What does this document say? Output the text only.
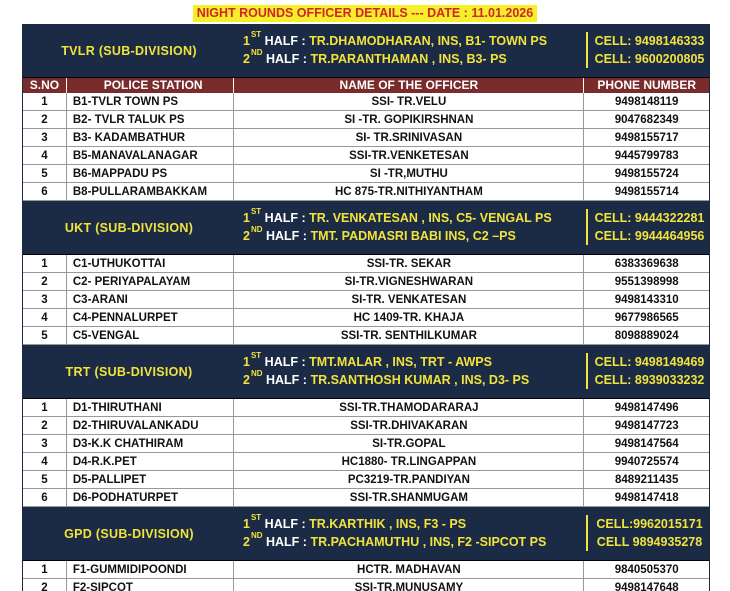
NIGHT ROUNDS OFFICER DETAILS --- DATE : 11.01.2026
TVLR (SUB-DIVISION)
1ST HALF : TR.DHAMODHARAN, INS, B1- TOWN PS
2ND HALF : TR.PARANTHAMAN , INS, B3- PS
CELL: 9498146333
CELL: 9600200805
S.NO	POLICE STATION	NAME OF THE OFFICER	PHONE NUMBER
1	B1-TVLR TOWN PS	SSI- TR.VELU	9498148119
2	B2- TVLR TALUK PS	SI -TR. GOPIKIRSHNAN	9047682349
3	B3- KADAMBATHUR	SI- TR.SRINIVASAN	9498155717
4	B5-MANAVALANAGAR	SSI-TR.VENKETESAN	9445799783
5	B6-MAPPADU PS	SI -TR,MUTHU	9498155724
6	B8-PULLARAMBAKKAM	HC 875-TR.NITHIYANTHAM	9498155714
UKT (SUB-DIVISION)
1ST HALF : TR. VENKATESAN , INS, C5- VENGAL PS
2ND HALF : TMT. PADMASRI BABI INS, C2 –PS
CELL: 9444322281
CELL: 9944464956
1	C1-UTHUKOTTAI	SSI-TR. SEKAR	6383369638
2	C2- PERIYAPALAYAM	SI-TR.VIGNESHWARAN	9551398998
3	C3-ARANI	SI-TR. VENKATESAN	9498143310
4	C4-PENNALURPET	HC 1409-TR. KHAJA	9677986565
5	C5-VENGAL	SSI-TR. SENTHILKUMAR	8098889024
TRT (SUB-DIVISION)
1ST HALF : TMT.MALAR , INS, TRT - AWPS
2ND HALF : TR.SANTHOSH KUMAR , INS, D3- PS
CELL: 9498149469
CELL: 8939033232
1	D1-THIRUTHANI	SSI-TR.THAMODARARAJ	9498147496
2	D2-THIRUVALANKADU	SSI-TR.DHIVAKARAN	9498147723
3	D3-K.K CHATHIRAM	SI-TR.GOPAL	9498147564
4	D4-R.K.PET	HC1880- TR.LINGAPPAN	9940725574
5	D5-PALLIPET	PC3219-TR.PANDIYAN	8489211435
6	D6-PODHATURPET	SSI-TR.SHANMUGAM	9498147418
GPD (SUB-DIVISION)
1ST HALF : TR.KARTHIK , INS, F3 - PS
2ND HALF : TR.PACHAMUTHU , INS, F2 -SIPCOT PS
CELL:9962015171
CELL 9894935278
1	F1-GUMMIDIPOONDI	HCTR. MADHAVAN	9840505370
2	F2-SIPCOT	SSI-TR.MUNUSAMY	9498147648
